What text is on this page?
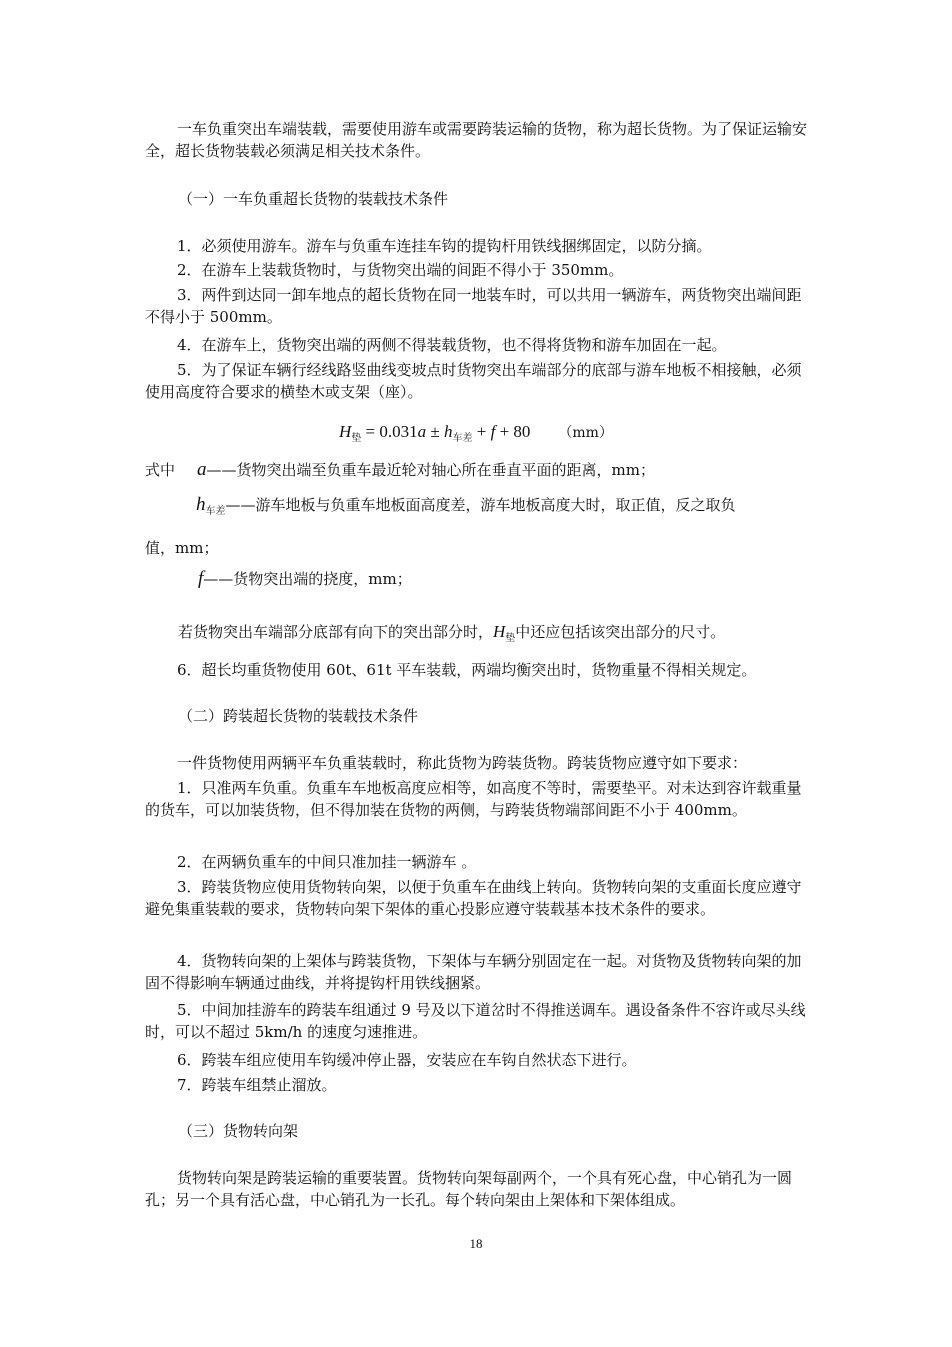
一车负重突出车端装载，需要使用游车或需要跨装运输的货物，称为超长货物。为了保证运输安全，超长货物装载必须满足相关技术条件。

（一）一车负重超长货物的装载技术条件

1．必须使用游车。游车与负重车连挂车钩的提钩杆用铁线捆绑固定，以防分摘。

2．在游车上装载货物时，与货物突出端的间距不得小于 350mm。

3．两件到达同一卸车地点的超长货物在同一地装车时，可以共用一辆游车，两货物突出端间距不得小于 500mm。

4．在游车上，货物突出端的两侧不得装载货物，也不得将货物和游车加固在一起。

5．为了保证车辆行经线路竖曲线变坡点时货物突出车端部分的底部与游车地板不相接触，必须使用高度符合要求的横垫木或支架（座）。

$H_垫 = 0.031a \pm h_{车差} + f + 80$ （mm）
式中 a——货物突出端至负重车最近轮对轴心所在垂直平面的距离，mm；
$h_{车差}——$游车地板与负重车地板面高度差，游车地板高度大时，取正值，反之取负
值，mm；
f——货物突出端的挠度，mm；
若货物突出车端部分底部有向下的突出部分时，$H_垫$中还应包括该突出部分的尺寸。

6．超长均重货物使用 60t、61t 平车装载，两端均衡突出时，货物重量不得相关规定。

（二）跨装超长货物的装载技术条件

一件货物使用两辆平车负重装载时，称此货物为跨装货物。跨装货物应遵守如下要求：

1．只准两车负重。负重车车地板高度应相等，如高度不等时，需要垫平。对未达到容许载重量的货车，可以加装货物，但不得加装在货物的两侧，与跨装货物端部间距不小于 400mm。

2．在两辆负重车的中间只准加挂一辆游车 。

3．跨装货物应使用货物转向架，以便于负重车在曲线上转向。货物转向架的支重面长度应遵守避免集重装载的要求，货物转向架下架体的重心投影应遵守装载基本技术条件的要求。

4．货物转向架的上架体与跨装货物，下架体与车辆分别固定在一起。对货物及货物转向架的加固不得影响车辆通过曲线，并将提钩杆用铁线捆紧。

5．中间加挂游车的跨装车组通过 9 号及以下道岔时不得推送调车。遇设备条件不容许或尽头线时，可以不超过 5km/h 的速度匀速推进。

6．跨装车组应使用车钩缓冲停止器，安装应在车钩自然状态下进行。

7．跨装车组禁止溜放。

（三）货物转向架

货物转向架是跨装运输的重要装置。货物转向架每副两个，一个具有死心盘，中心销孔为一圆孔；另一个具有活心盘，中心销孔为一长孔。每个转向架由上架体和下架体组成。

18
